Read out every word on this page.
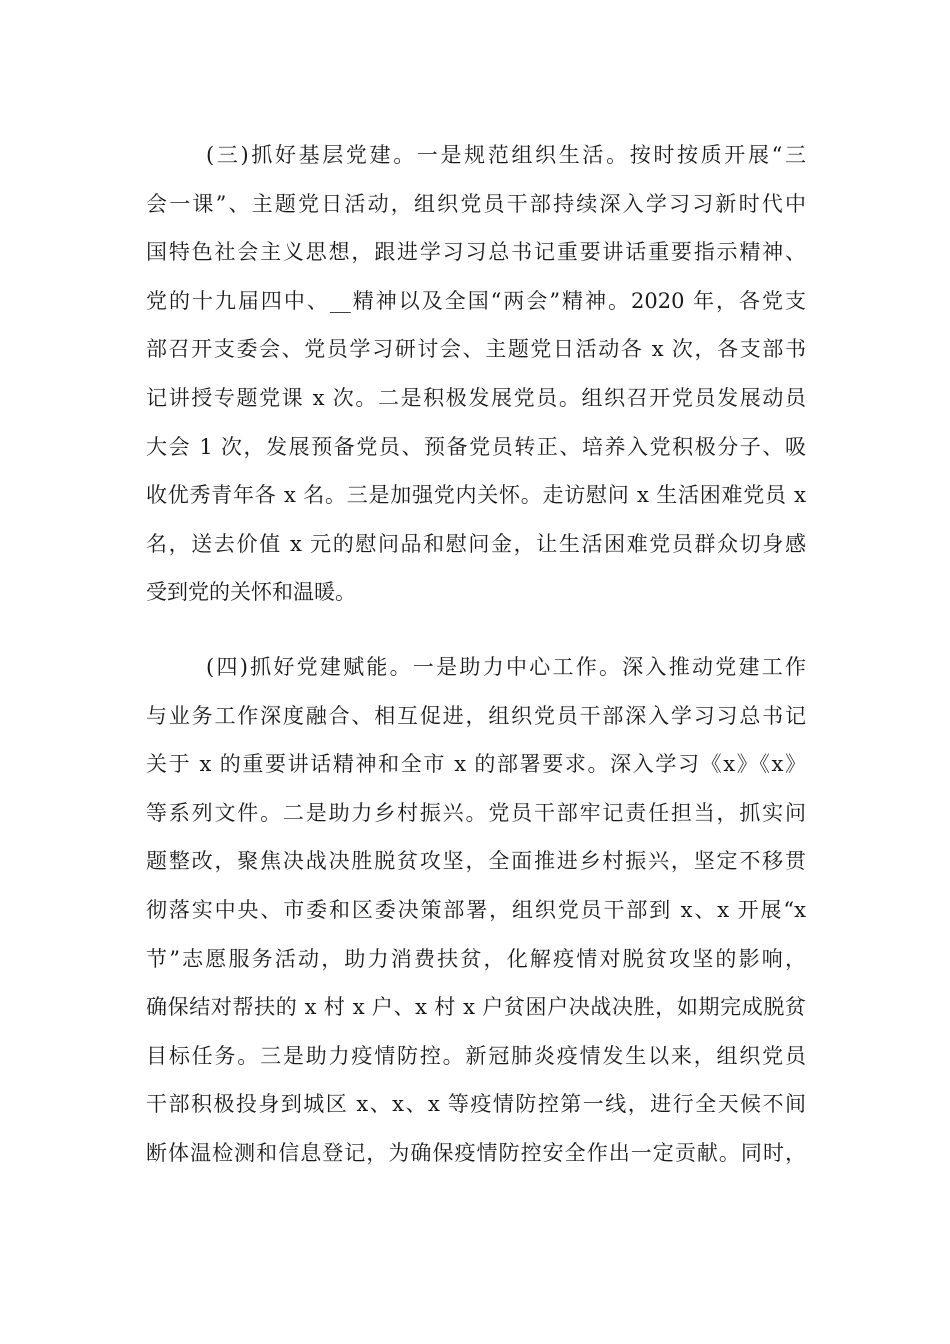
(三)抓好基层党建。一是规范组织生活。按时按质开展“三
会一课”、主题党日活动，组织党员干部持续深入学习习新时代中
国特色社会主义思想，跟进学习习总书记重要讲话重要指示精神、
党的十九届四中、__精神以及全国“两会”精神。2020 年，各党支
部召开支委会、党员学习研讨会、主题党日活动各 x 次，各支部书
记讲授专题党课 x 次。二是积极发展党员。组织召开党员发展动员
大会 1 次，发展预备党员、预备党员转正、培养入党积极分子、吸
收优秀青年各 x 名。三是加强党内关怀。走访慰问 x 生活困难党员 x
名，送去价值 x 元的慰问品和慰问金，让生活困难党员群众切身感
受到党的关怀和温暖。
(四)抓好党建赋能。一是助力中心工作。深入推动党建工作
与业务工作深度融合、相互促进，组织党员干部深入学习习总书记
关于 x 的重要讲话精神和全市 x 的部署要求。深入学习《x》《x》
等系列文件。二是助力乡村振兴。党员干部牢记责任担当，抓实问
题整改，聚焦决战决胜脱贫攻坚，全面推进乡村振兴，坚定不移贯
彻落实中央、市委和区委决策部署，组织党员干部到 x、x 开展“x
节”志愿服务活动，助力消费扶贫，化解疫情对脱贫攻坚的影响，
确保结对帮扶的 x 村 x 户、x 村 x 户贫困户决战决胜，如期完成脱贫
目标任务。三是助力疫情防控。新冠肺炎疫情发生以来，组织党员
干部积极投身到城区 x、x、x 等疫情防控第一线，进行全天候不间
断体温检测和信息登记，为确保疫情防控安全作出一定贡献。同时，
